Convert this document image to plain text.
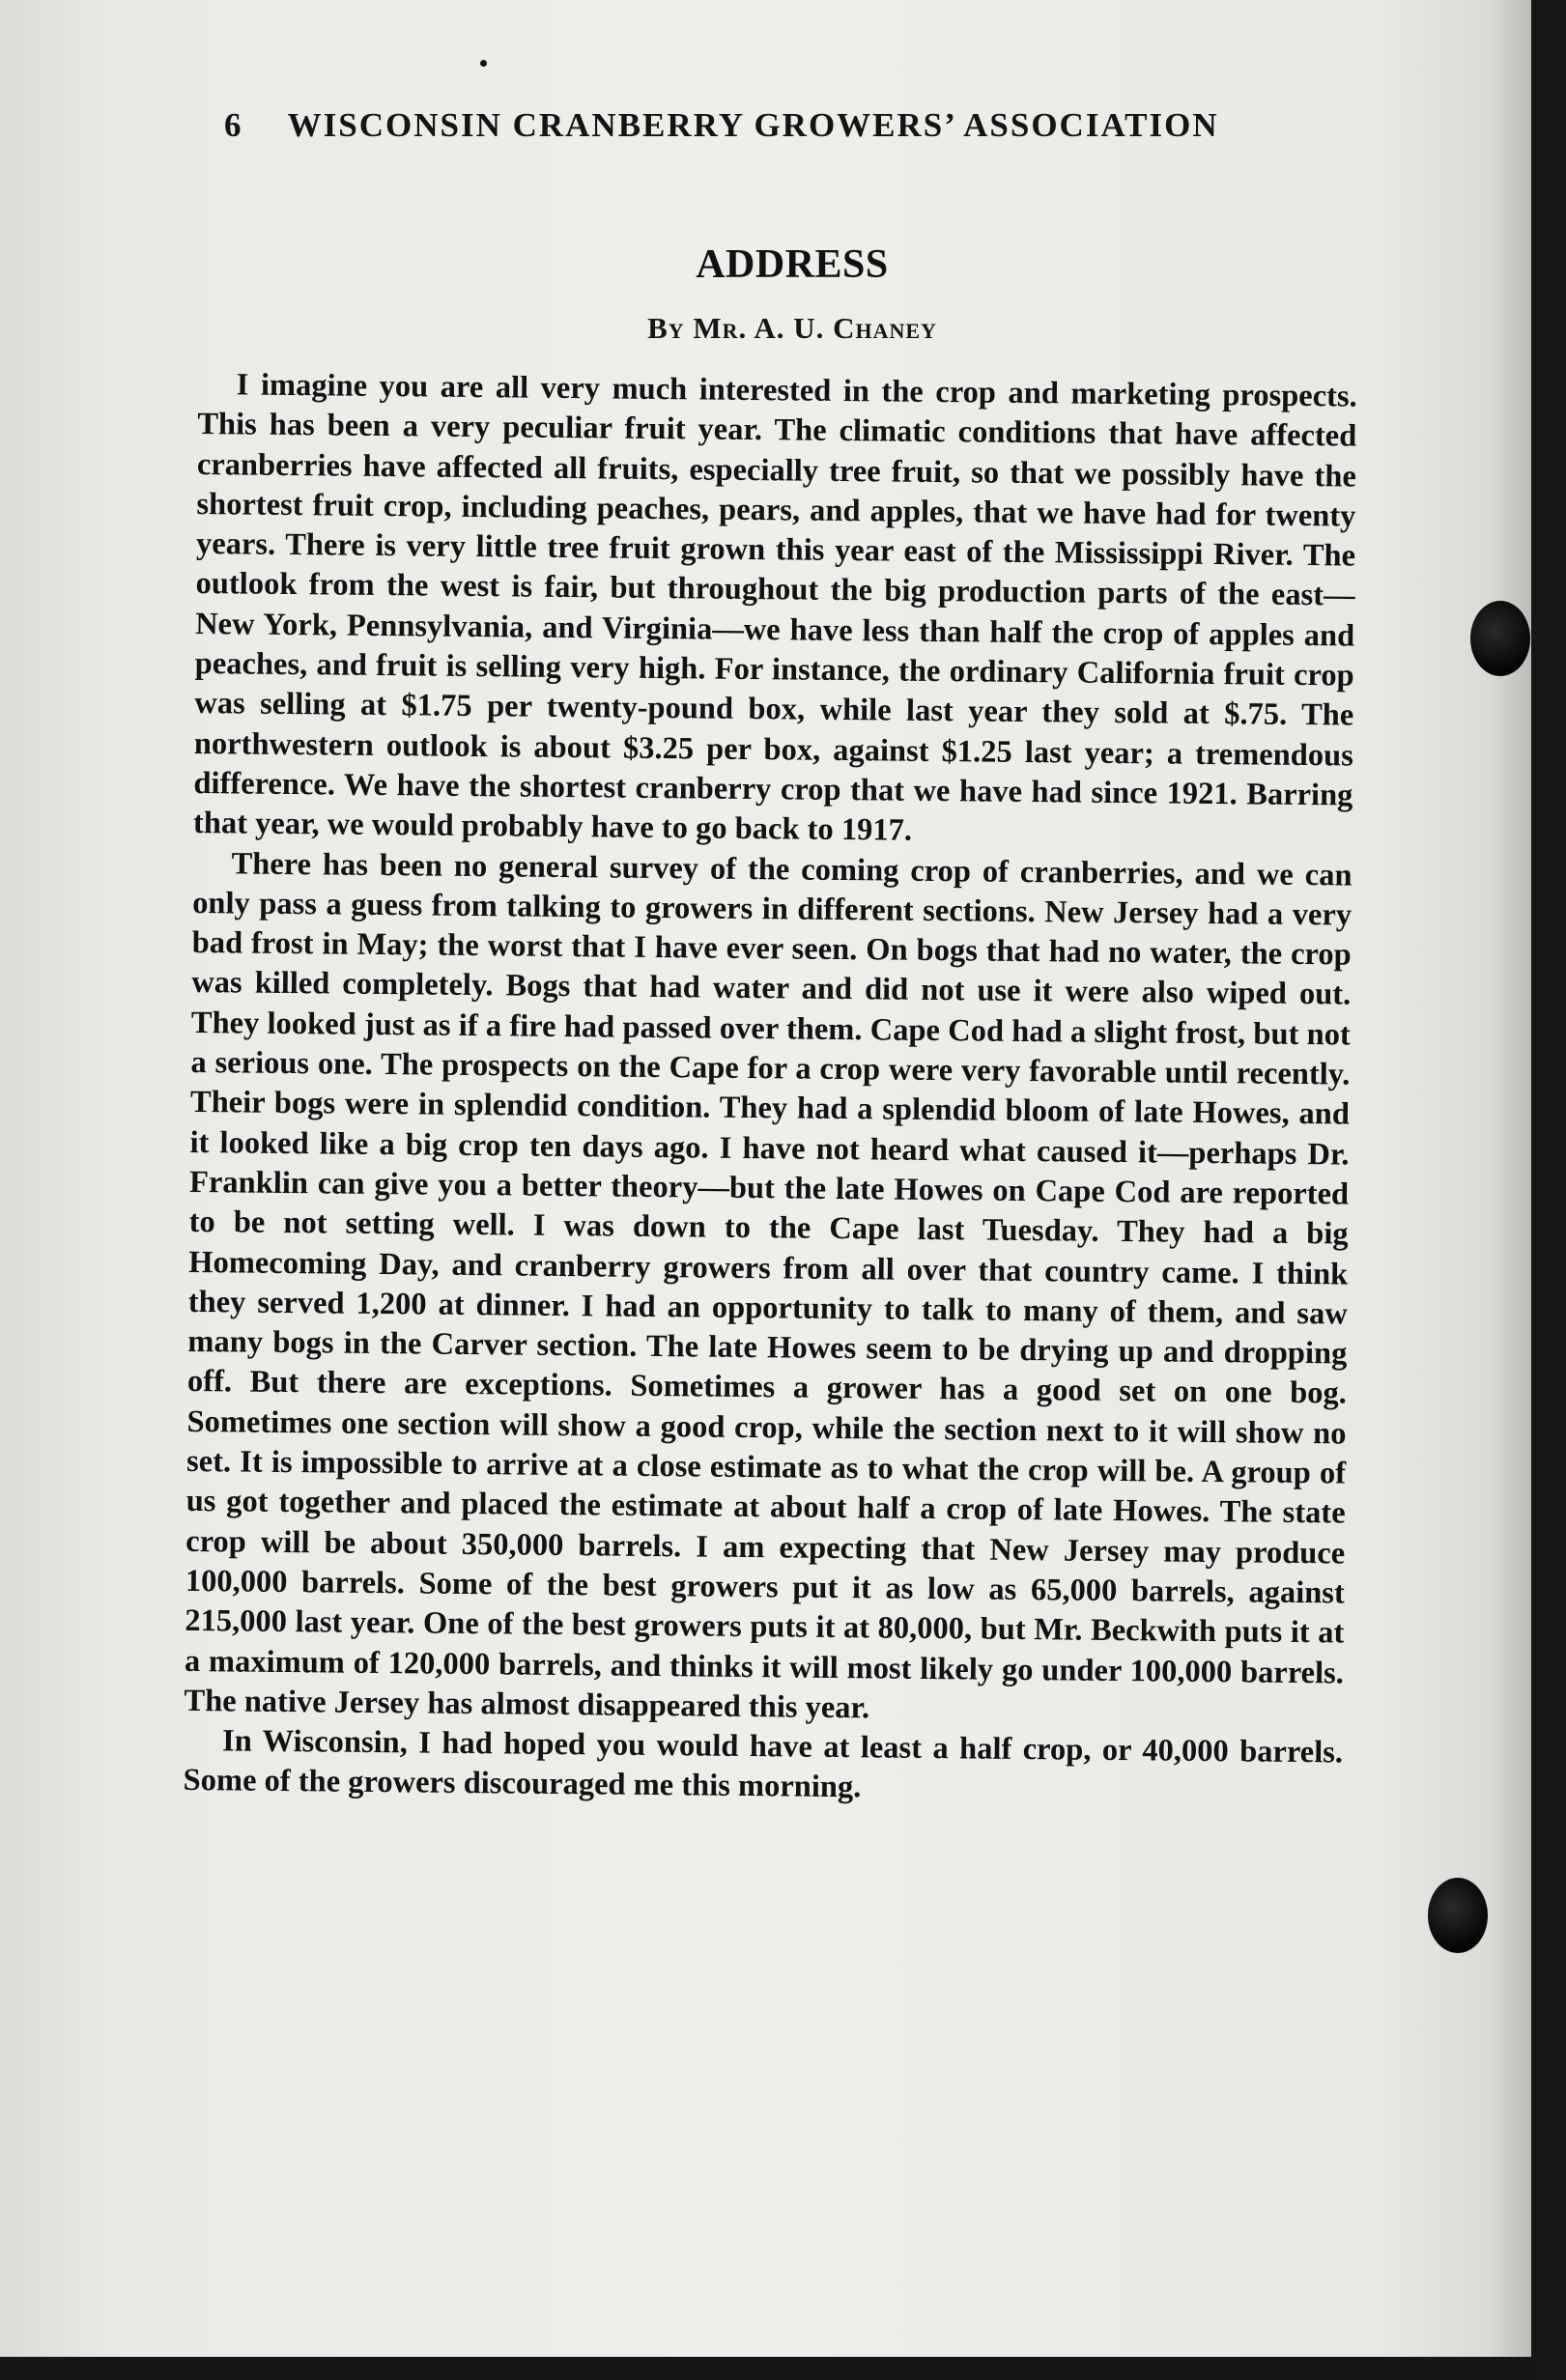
6 WISCONSIN CRANBERRY GROWERS’ ASSOCIATION
ADDRESS
By Mr. A. U. Chaney

I imagine you are all very much interested in the crop and marketing prospects. This has been a very peculiar fruit year. The climatic conditions that have affected cranberries have affected all fruits, especially tree fruit, so that we possibly have the shortest fruit crop, including peaches, pears, and apples, that we have had for twenty years. There is very little tree fruit grown this year east of the Mississippi River. The outlook from the west is fair, but throughout the big production parts of the east—New York, Pennsylvania, and Virginia—we have less than half the crop of apples and peaches, and fruit is selling very high. For instance, the ordinary California fruit crop was selling at $1.75 per twenty-pound box, while last year they sold at $.75. The northwestern outlook is about $3.25 per box, against $1.25 last year; a tremendous difference. We have the shortest cranberry crop that we have had since 1921. Barring that year, we would probably have to go back to 1917.

There has been no general survey of the coming crop of cranberries, and we can only pass a guess from talking to growers in different sections. New Jersey had a very bad frost in May; the worst that I have ever seen. On bogs that had no water, the crop was killed completely. Bogs that had water and did not use it were also wiped out. They looked just as if a fire had passed over them. Cape Cod had a slight frost, but not a serious one. The prospects on the Cape for a crop were very favorable until recently. Their bogs were in splendid condition. They had a splendid bloom of late Howes, and it looked like a big crop ten days ago. I have not heard what caused it—perhaps Dr. Franklin can give you a better theory—but the late Howes on Cape Cod are reported to be not setting well. I was down to the Cape last Tuesday. They had a big Homecoming Day, and cranberry growers from all over that country came. I think they served 1,200 at dinner. I had an opportunity to talk to many of them, and saw many bogs in the Carver section. The late Howes seem to be drying up and dropping off. But there are exceptions. Sometimes a grower has a good set on one bog. Sometimes one section will show a good crop, while the section next to it will show no set. It is impossible to arrive at a close estimate as to what the crop will be. A group of us got together and placed the estimate at about half a crop of late Howes. The state crop will be about 350,000 barrels. I am expecting that New Jersey may produce 100,000 barrels. Some of the best growers put it as low as 65,000 barrels, against 215,000 last year. One of the best growers puts it at 80,000, but Mr. Beckwith puts it at a maximum of 120,000 barrels, and thinks it will most likely go under 100,000 barrels. The native Jersey has almost disappeared this year.

In Wisconsin, I had hoped you would have at least a half crop, or 40,000 barrels. Some of the growers discouraged me this morning.
